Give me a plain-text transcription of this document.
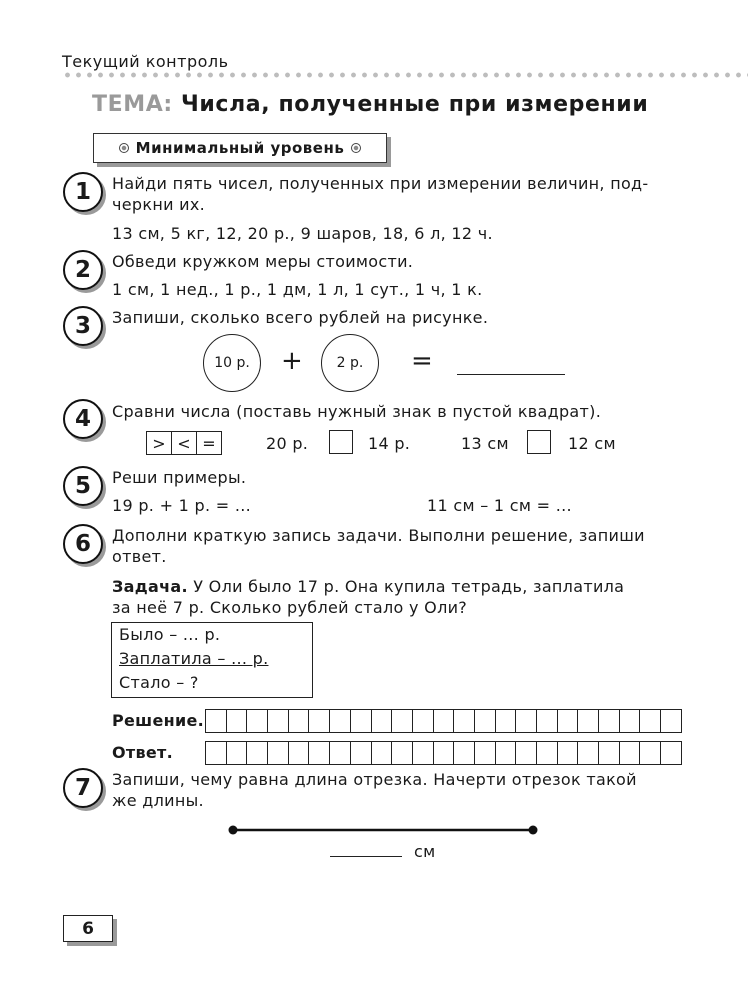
Текущий контроль
ТЕМА: Числа, полученные при измерении
Минимальный уровень
1	Найди пять чисел, полученных при измерении величин, под-
черкни их.
13 см, 5 кг, 12, 20 р., 9 шаров, 18, 6 л, 12 ч.
2	Обведи кружком меры стоимости.
1 см, 1 нед., 1 р., 1 дм, 1 л, 1 сут., 1 ч, 1 к.
3	Запиши, сколько всего рублей на рисунке.
10 р.	+	2 р.	=
4	Сравни числа (поставь нужный знак в пустой квадрат).
> < =	20 р.	14 р.	13 см	12 см
5	Реши примеры.
19 р. + 1 р. = ...	11 см – 1 см = ...
6	Дополни краткую запись задачи. Выполни решение, запиши
ответ.
Задача. У Оли было 17 р. Она купила тетрадь, заплатила
за неё 7 р. Сколько рублей стало у Оли?
Было – ... р.
Заплатила – ... р.
Стало – ?
Решение.
Ответ.
7	Запиши, чему равна длина отрезка. Начерти отрезок такой
же длины.
см
6
